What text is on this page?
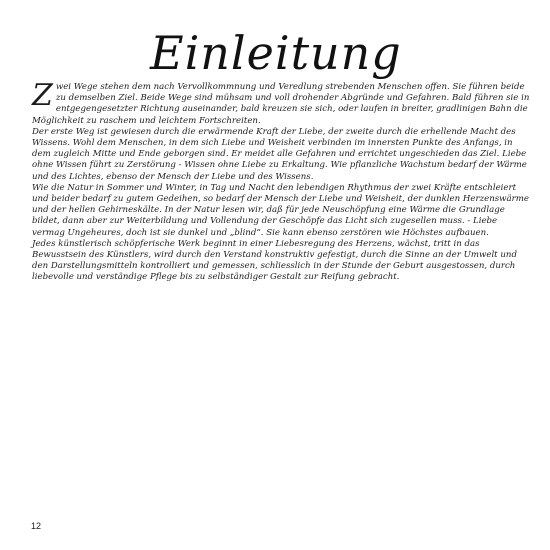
Einleitung

Zwei Wege stehen dem nach Vervollkommnung und Veredlung strebenden Menschen offen. Sie führen beide zu demselben Ziel. Beide Wege sind mühsam und voll drohender Abgründe und Gefahren. Bald führen sie in entgegengesetzter Richtung auseinander, bald kreuzen sie sich, oder laufen in breiter, gradlinigen Bahn die Möglichkeit zu raschem und leichtem Fortschreiten.

Der erste Weg ist gewiesen durch die erwärmende Kraft der Liebe, der zweite durch die erhellende Macht des Wissens. Wohl dem Menschen, in dem sich Liebe und Weisheit verbinden im innersten Punkte des Anfangs, in dem zugleich Mitte und Ende geborgen sind. Er meidet alle Gefahren und errichtet ungeschieden das Ziel. Liebe ohne Wissen führt zu Zerstörung - Wissen ohne Liebe zu Erkaltung. Wie pflanzliche Wachstum bedarf der Wärme und des Lichtes, ebenso der Mensch der Liebe und des Wissens.

Wie die Natur in Sommer und Winter, in Tag und Nacht den lebendigen Rhythmus der zwei Kräfte entschleiert und beider bedarf zu gutem Gedeihen, so bedarf der Mensch der Liebe und Weisheit, der dunklen Herzenswärme und der hellen Gehirneskälte. In der Natur lesen wir, daß für jede Neuschöpfung eine Wärme die Grundlage bildet, dann aber zur Weiterbildung und Vollendung der Geschöpfe das Licht sich zugesellen muss. - Liebe vermag Ungeheures, doch ist sie dunkel und „blind“. Sie kann ebenso zerstören wie Höchstes aufbauen.

Jedes künstlerisch schöpferische Werk beginnt in einer Liebesregung des Herzens, wächst, tritt in das Bewusstsein des Künstlers, wird durch den Verstand konstruktiv gefestigt, durch die Sinne an der Umwelt und den Darstellungsmitteln kontrolliert und gemessen, schliesslich in der Stunde der Geburt ausgestossen, durch liebevolle und verständige Pflege bis zu selbständiger Gestalt zur Reifung gebracht.

12
